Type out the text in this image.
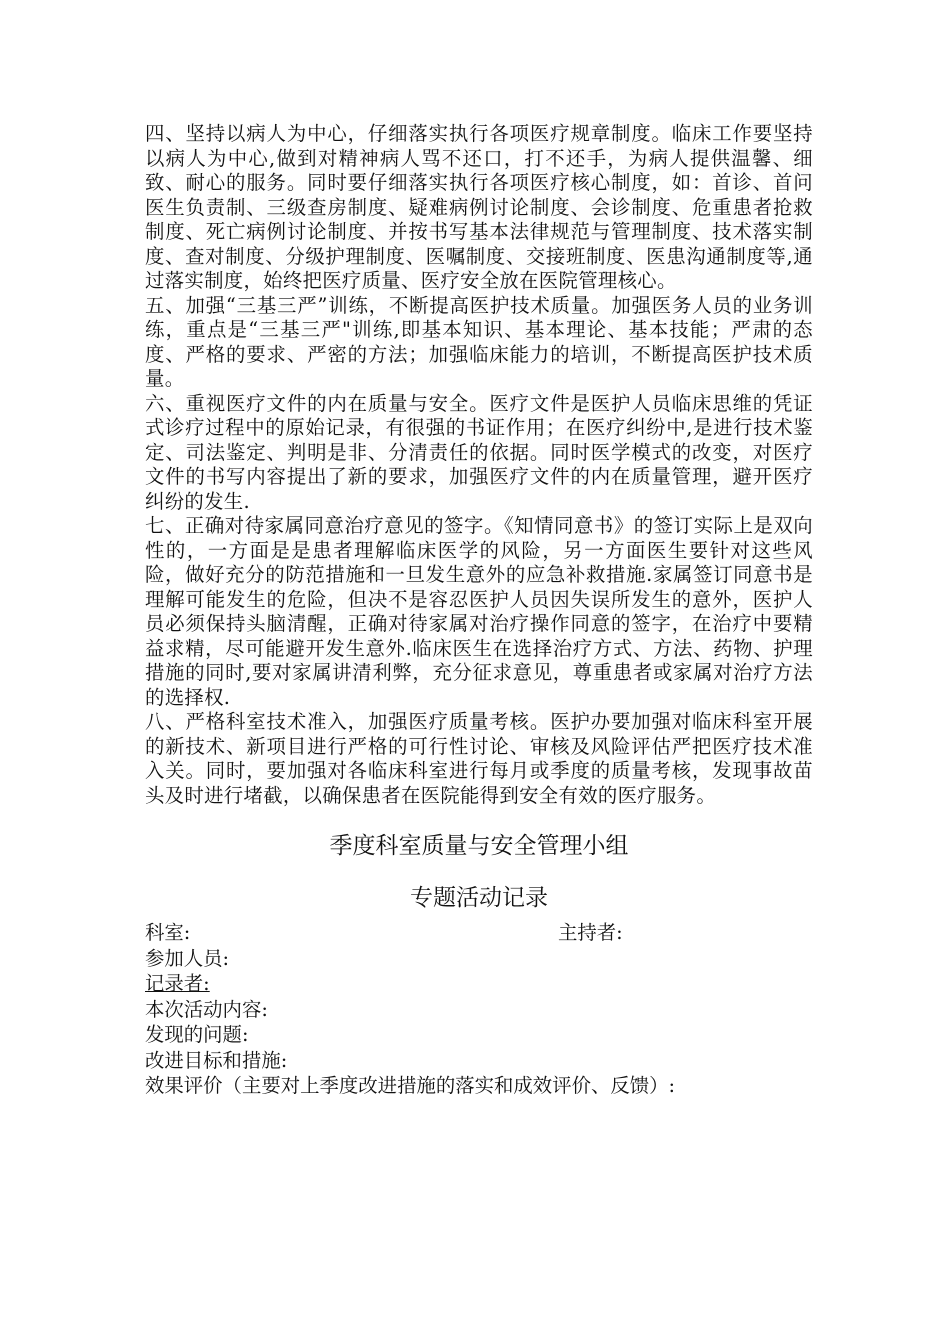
四、坚持以病人为中心，仔细落实执行各项医疗规章制度。临床工作要坚持以病人为中心,做到对精神病人骂不还口，打不还手，为病人提供温馨、细致、耐心的服务。同时要仔细落实执行各项医疗核心制度，如：首诊、首问医生负责制、三级查房制度、疑难病例讨论制度、会诊制度、危重患者抢救制度、死亡病例讨论制度、并按书写基本法律规范与管理制度、技术落实制度、查对制度、分级护理制度、医嘱制度、交接班制度、医患沟通制度等,通过落实制度，始终把医疗质量、医疗安全放在医院管理核心。

五、加强“三基三严”训练，不断提高医护技术质量。加强医务人员的业务训练，重点是“三基三严"训练,即基本知识、基本理论、基本技能；严肃的态度、严格的要求、严密的方法；加强临床能力的培训，不断提高医护技术质量。

六、重视医疗文件的内在质量与安全。医疗文件是医护人员临床思维的凭证式诊疗过程中的原始记录，有很强的书证作用；在医疗纠纷中,是进行技术鉴定、司法鉴定、判明是非、分清责任的依据。同时医学模式的改变，对医疗文件的书写内容提出了新的要求，加强医疗文件的内在质量管理，避开医疗纠纷的发生.

七、正确对待家属同意治疗意见的签字。《知情同意书》的签订实际上是双向性的，一方面是是患者理解临床医学的风险，另一方面医生要针对这些风险，做好充分的防范措施和一旦发生意外的应急补救措施.家属签订同意书是理解可能发生的危险，但决不是容忍医护人员因失误所发生的意外，医护人员必须保持头脑清醒，正确对待家属对治疗操作同意的签字，在治疗中要精益求精，尽可能避开发生意外.临床医生在选择治疗方式、方法、药物、护理措施的同时,要对家属讲清利弊，充分征求意见，尊重患者或家属对治疗方法的选择权.

八、严格科室技术准入，加强医疗质量考核。医护办要加强对临床科室开展的新技术、新项目进行严格的可行性讨论、审核及风险评估严把医疗技术准入关。同时，要加强对各临床科室进行每月或季度的质量考核，发现事故苗头及时进行堵截，以确保患者在医院能得到安全有效的医疗服务。

季度科室质量与安全管理小组
专题活动记录
科室:	主持者:
参加人员:
记录者:
本次活动内容:
发现的问题:
改进目标和措施:
效果评价（主要对上季度改进措施的落实和成效评价、反馈）:
